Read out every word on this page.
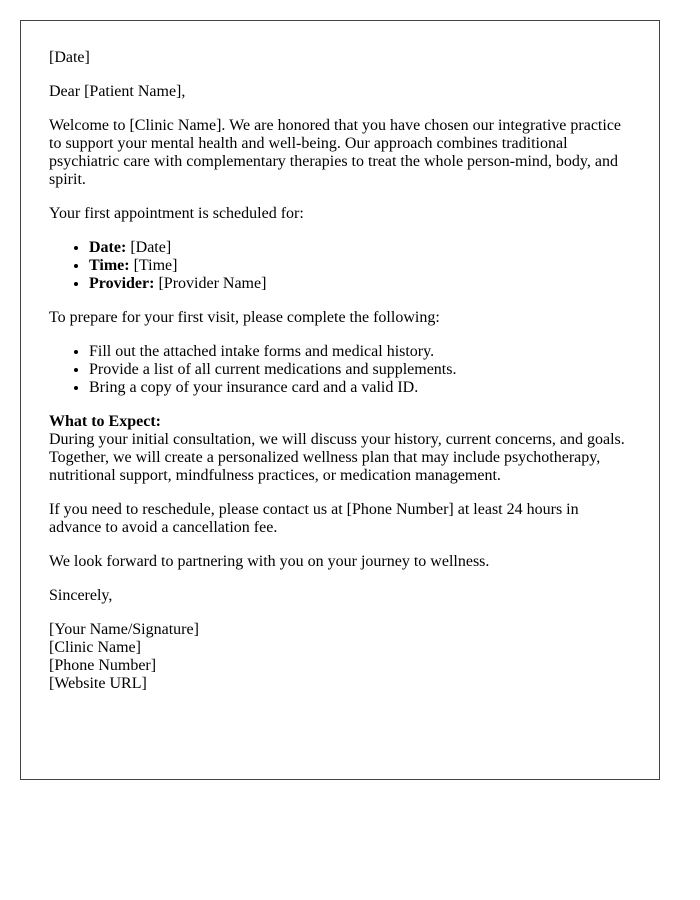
[Date]

Dear [Patient Name],

Welcome to [Clinic Name]. We are honored that you have chosen our integrative practice to support your mental health and well-being. Our approach combines traditional psychiatric care with complementary therapies to treat the whole person-mind, body, and spirit.

Your first appointment is scheduled for:

• Date: [Date]
• Time: [Time]
• Provider: [Provider Name]

To prepare for your first visit, please complete the following:

• Fill out the attached intake forms and medical history.
• Provide a list of all current medications and supplements.
• Bring a copy of your insurance card and a valid ID.

What to Expect:
During your initial consultation, we will discuss your history, current concerns, and goals. Together, we will create a personalized wellness plan that may include psychotherapy, nutritional support, mindfulness practices, or medication management.

If you need to reschedule, please contact us at [Phone Number] at least 24 hours in advance to avoid a cancellation fee.

We look forward to partnering with you on your journey to wellness.

Sincerely,

[Your Name/Signature]
[Clinic Name]
[Phone Number]
[Website URL]
